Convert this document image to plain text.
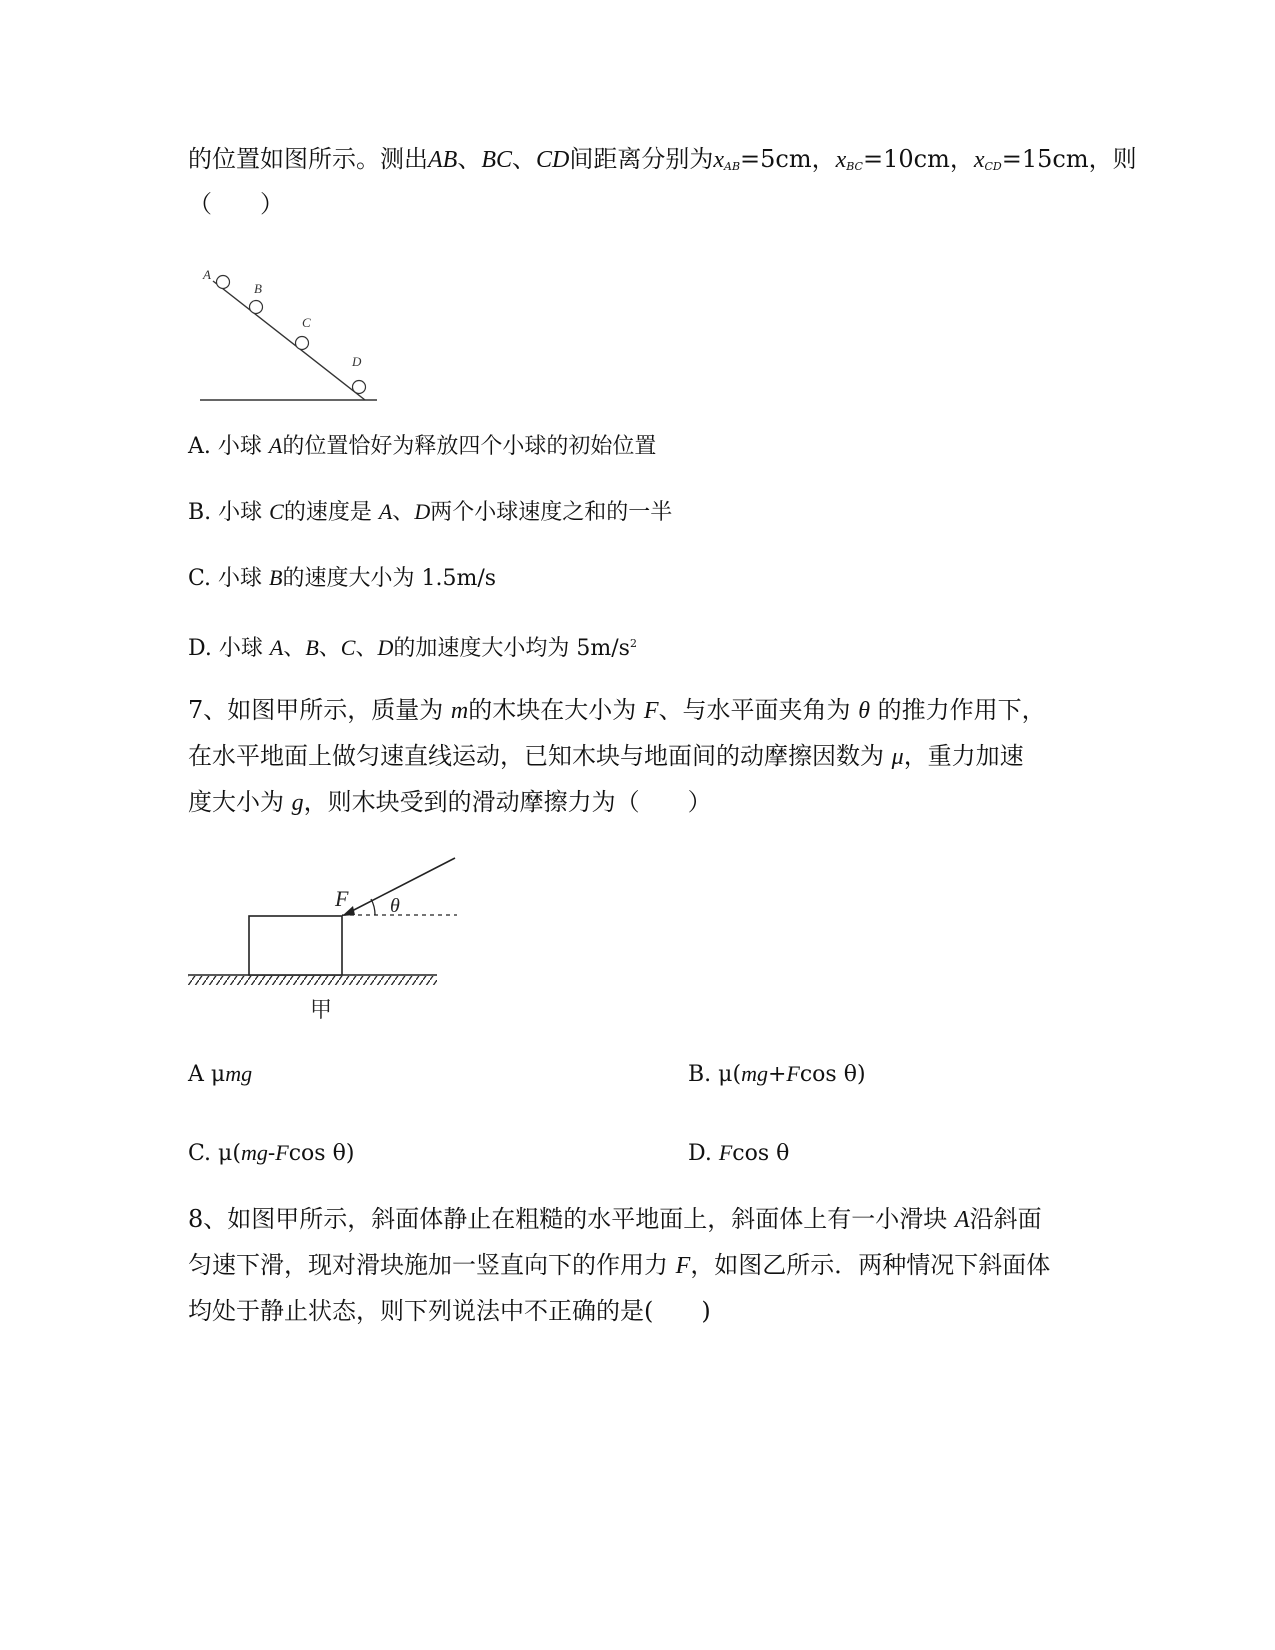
的位置如图所示。测出AB、BC、CD间距离分别为$x_{AB}=5cm$，$x_{BC}=10cm$，$x_{CD}=15cm$，则
（　　）
A
B
C
D
A. 小球 A的位置恰好为释放四个小球的初始位置
B. 小球 C的速度是 A、D两个小球速度之和的一半
C. 小球 B的速度大小为 1.5m/s
D. 小球 A、B、C、D的加速度大小均为 $5m/s^2$
7、如图甲所示，质量为 m的木块在大小为 F、与水平面夹角为 θ 的推力作用下，
在水平地面上做匀速直线运动，已知木块与地面间的动摩擦因数为 μ，重力加速
度大小为 g，则木块受到的滑动摩擦力为（　　）
F θ
甲
A μmg	B. μ(mg+Fcos θ)
C. μ(mg-Fcos θ)	D. Fcos θ
8、如图甲所示，斜面体静止在粗糙的水平地面上，斜面体上有一小滑块 A沿斜面
匀速下滑，现对滑块施加一竖直向下的作用力 F，如图乙所示．两种情况下斜面体
均处于静止状态，则下列说法中不正确的是(　　)
